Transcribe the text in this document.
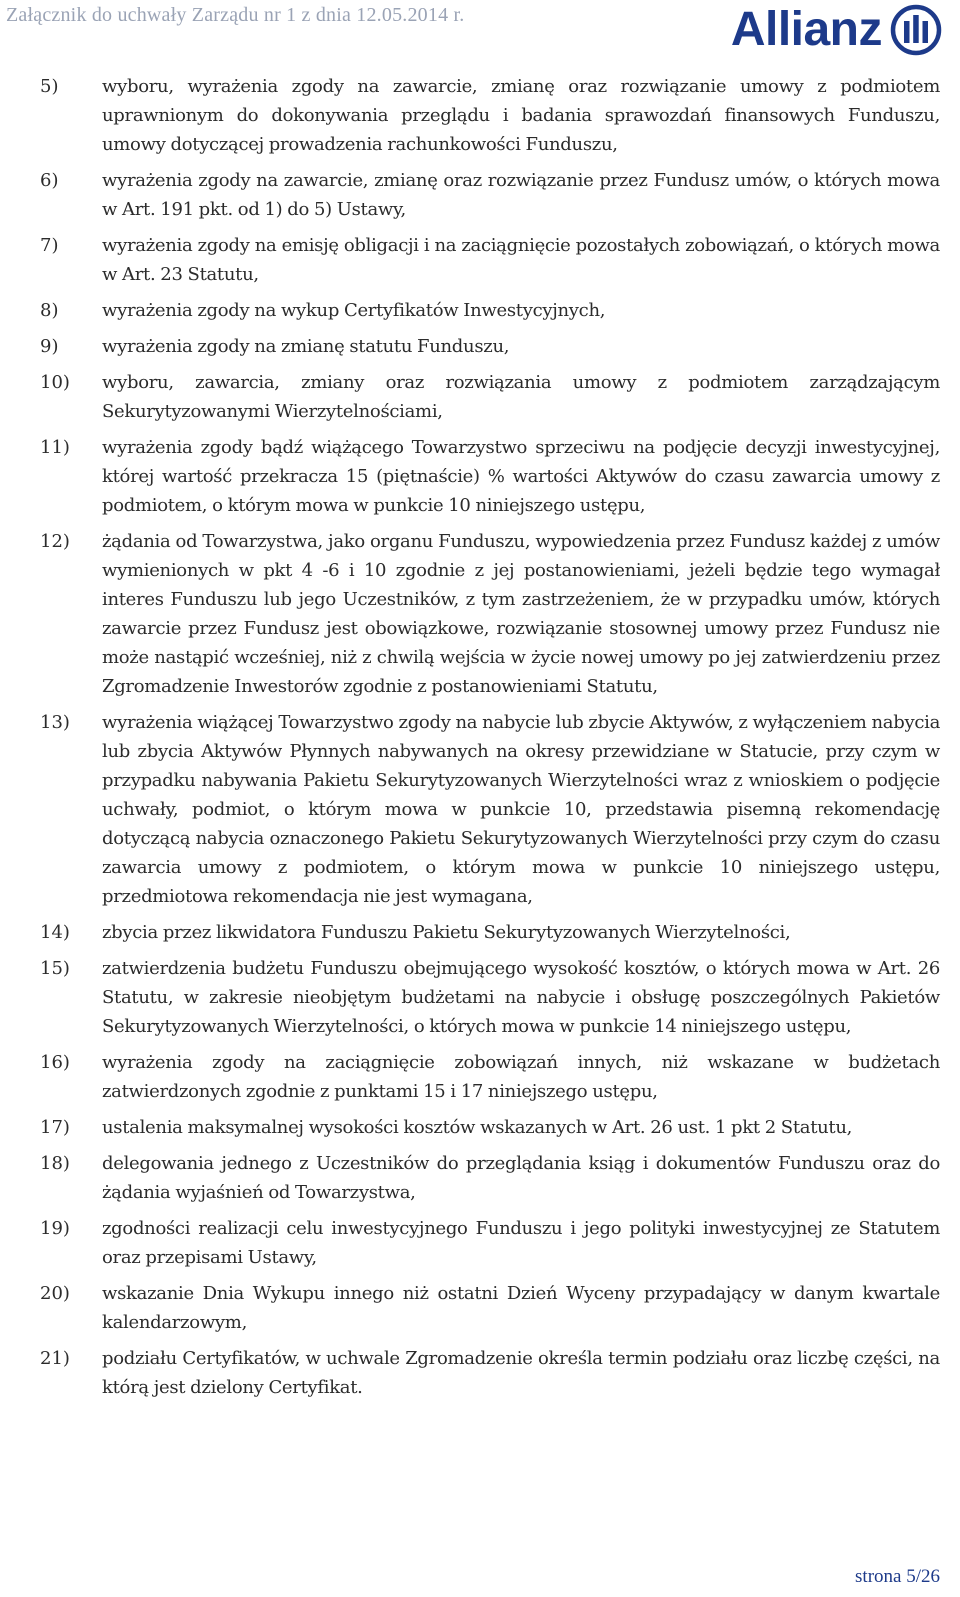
Załącznik do uchwały Zarządu nr 1 z dnia 12.05.2014 r.	Allianz
5)	wyboru, wyrażenia zgody na zawarcie, zmianę oraz rozwiązanie umowy z podmiotem uprawnionym do dokonywania przeglądu i badania sprawozdań finansowych Funduszu, umowy dotyczącej prowadzenia rachunkowości Funduszu,
6)	wyrażenia zgody na zawarcie, zmianę oraz rozwiązanie przez Fundusz umów, o których mowa w Art. 191 pkt. od 1) do 5) Ustawy,
7)	wyrażenia zgody na emisję obligacji i na zaciągnięcie pozostałych zobowiązań, o których mowa w Art. 23 Statutu,
8)	wyrażenia zgody na wykup Certyfikatów Inwestycyjnych,
9)	wyrażenia zgody na zmianę statutu Funduszu,
10)	wyboru, zawarcia, zmiany oraz rozwiązania umowy z podmiotem zarządzającym Sekurytyzowanymi Wierzytelnościami,
11)	wyrażenia zgody bądź wiążącego Towarzystwo sprzeciwu na podjęcie decyzji inwestycyjnej, której wartość przekracza 15 (piętnaście) % wartości Aktywów do czasu zawarcia umowy z podmiotem, o którym mowa w punkcie 10 niniejszego ustępu,
12)	żądania od Towarzystwa, jako organu Funduszu, wypowiedzenia przez Fundusz każdej z umów wymienionych w pkt 4 -6 i 10 zgodnie z jej postanowieniami, jeżeli będzie tego wymagał interes Funduszu lub jego Uczestników, z tym zastrzeżeniem, że w przypadku umów, których zawarcie przez Fundusz jest obowiązkowe, rozwiązanie stosownej umowy przez Fundusz nie może nastąpić wcześniej, niż z chwilą wejścia w życie nowej umowy po jej zatwierdzeniu przez Zgromadzenie Inwestorów zgodnie z postanowieniami Statutu,
13)	wyrażenia wiążącej Towarzystwo zgody na nabycie lub zbycie Aktywów, z wyłączeniem nabycia lub zbycia Aktywów Płynnych nabywanych na okresy przewidziane w Statucie, przy czym w przypadku nabywania Pakietu Sekurytyzowanych Wierzytelności wraz z wnioskiem o podjęcie uchwały, podmiot, o którym mowa w punkcie 10, przedstawia pisemną rekomendację dotyczącą nabycia oznaczonego Pakietu Sekurytyzowanych Wierzytelności przy czym do czasu zawarcia umowy z podmiotem, o którym mowa w punkcie 10 niniejszego ustępu, przedmiotowa rekomendacja nie jest wymagana,
14)	zbycia przez likwidatora Funduszu Pakietu Sekurytyzowanych Wierzytelności,
15)	zatwierdzenia budżetu Funduszu obejmującego wysokość kosztów, o których mowa w Art. 26 Statutu, w zakresie nieobjętym budżetami na nabycie i obsługę poszczególnych Pakietów Sekurytyzowanych Wierzytelności, o których mowa w punkcie 14 niniejszego ustępu,
16)	wyrażenia zgody na zaciągnięcie zobowiązań innych, niż wskazane w budżetach zatwierdzonych zgodnie z punktami 15 i 17 niniejszego ustępu,
17)	ustalenia maksymalnej wysokości kosztów wskazanych w Art. 26 ust. 1 pkt 2 Statutu,
18)	delegowania jednego z Uczestników do przeglądania ksiąg i dokumentów Funduszu oraz do żądania wyjaśnień od Towarzystwa,
19)	zgodności realizacji celu inwestycyjnego Funduszu i jego polityki inwestycyjnej ze Statutem oraz przepisami Ustawy,
20)	wskazanie Dnia Wykupu innego niż ostatni Dzień Wyceny przypadający w danym kwartale kalendarzowym,
21)	podziału Certyfikatów, w uchwale Zgromadzenie określa termin podziału oraz liczbę części, na którą jest dzielony Certyfikat.
strona 5/26
